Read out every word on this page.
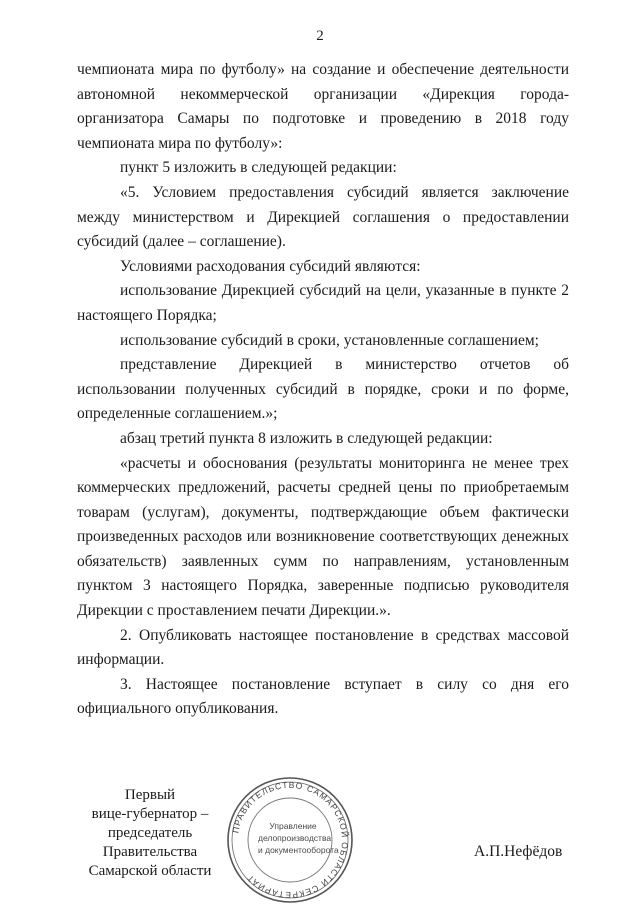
2

чемпионата мира по футболу» на создание и обеспечение деятельности автономной некоммерческой организации «Дирекция города-организатора Самары по подготовке и проведению в 2018 году чемпионата мира по футболу»:

пункт 5 изложить в следующей редакции:

«5. Условием предоставления субсидий является заключение между министерством и Дирекцией соглашения о предоставлении субсидий (далее – соглашение).

Условиями расходования субсидий являются:

использование Дирекцией субсидий на цели, указанные в пункте 2 настоящего Порядка;

использование субсидий в сроки, установленные соглашением;

представление Дирекцией в министерство отчетов об использовании полученных субсидий в порядке, сроки и по форме, определенные соглашением.»;

абзац третий пункта 8 изложить в следующей редакции:

«расчеты и обоснования (результаты мониторинга не менее трех коммерческих предложений, расчеты средней цены по приобретаемым товарам (услугам), документы, подтверждающие объем фактически произведенных расходов или возникновение соответствующих денежных обязательств) заявленных сумм по направлениям, установленным пунктом 3 настоящего Порядка, заверенные подписью руководителя Дирекции с проставлением печати Дирекции.».

2. Опубликовать настоящее постановление в средствах массовой информации.

3. Настоящее постановление вступает в силу со дня его официального опубликования.

Первый
вице-губернатор –
председатель Правительства
Самарской области
ПРАВИТЕЛЬСТВО САМАРСКОЙ ОБЛАСТИ СЕКРЕТАРИАТ
Управление
делопроизводства
и документооборота	А.П.Нефёдов
